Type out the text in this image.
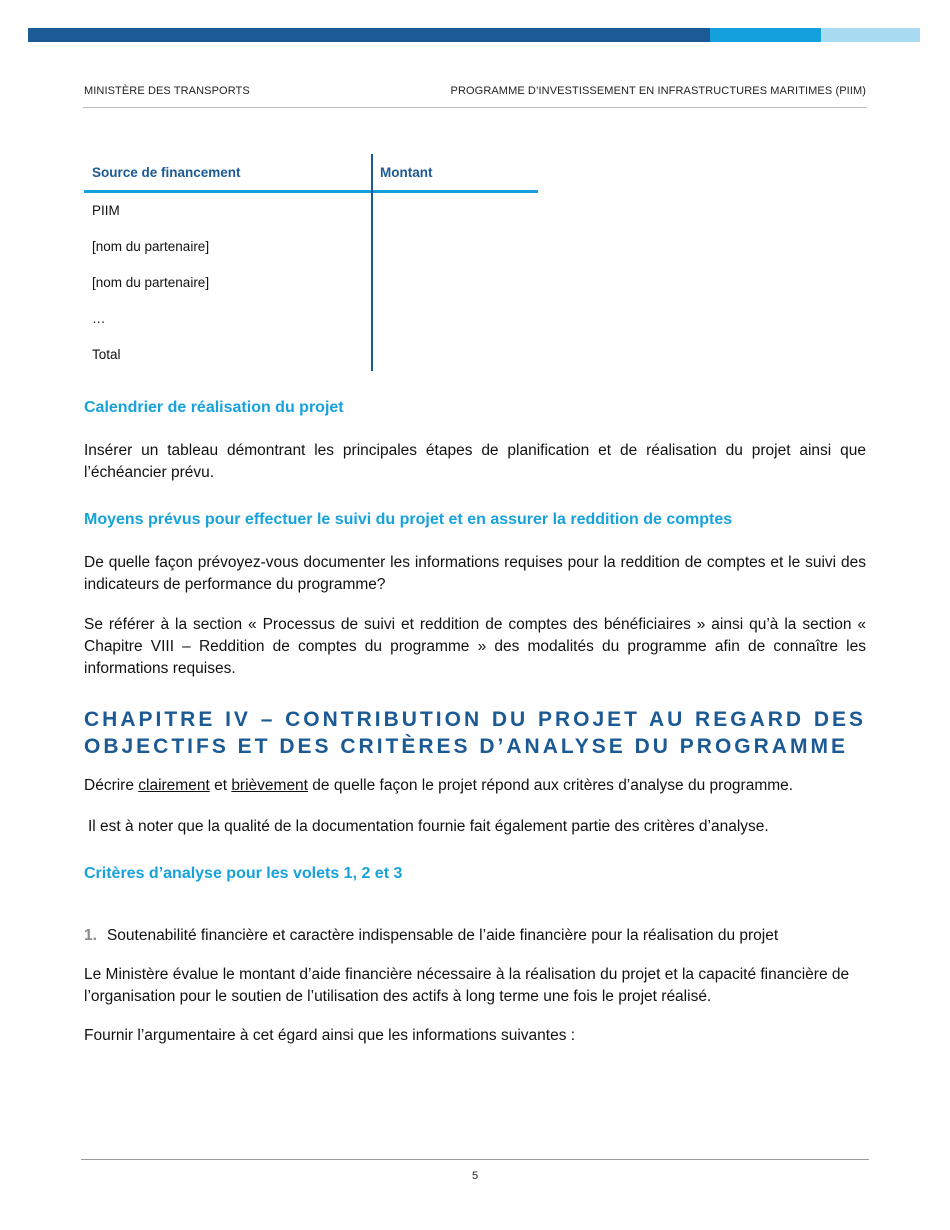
MINISTÈRE DES TRANSPORTS	PROGRAMME D’INVESTISSEMENT EN INFRASTRUCTURES MARITIMES (PIIM)
Source de financement	Montant
PIIM
[nom du partenaire]
[nom du partenaire]
…
Total
Calendrier de réalisation du projet
Insérer un tableau démontrant les principales étapes de planification et de réalisation du projet ainsi que l’échéancier prévu.
Moyens prévus pour effectuer le suivi du projet et en assurer la reddition de comptes
De quelle façon prévoyez-vous documenter les informations requises pour la reddition de comptes et le suivi des indicateurs de performance du programme?
Se référer à la section « Processus de suivi et reddition de comptes des bénéficiaires » ainsi qu’à la section « Chapitre VIII – Reddition de comptes du programme » des modalités du programme afin de connaître les informations requises.
CHAPITRE IV – CONTRIBUTION DU PROJET AU REGARD DES OBJECTIFS ET DES CRITÈRES D’ANALYSE DU PROGRAMME
Décrire clairement et brièvement de quelle façon le projet répond aux critères d’analyse du programme.
Il est à noter que la qualité de la documentation fournie fait également partie des critères d’analyse.
Critères d’analyse pour les volets 1, 2 et 3
1. Soutenabilité financière et caractère indispensable de l’aide financière pour la réalisation du projet
Le Ministère évalue le montant d’aide financière nécessaire à la réalisation du projet et la capacité financière de l’organisation pour le soutien de l’utilisation des actifs à long terme une fois le projet réalisé.
Fournir l’argumentaire à cet égard ainsi que les informations suivantes :
5
